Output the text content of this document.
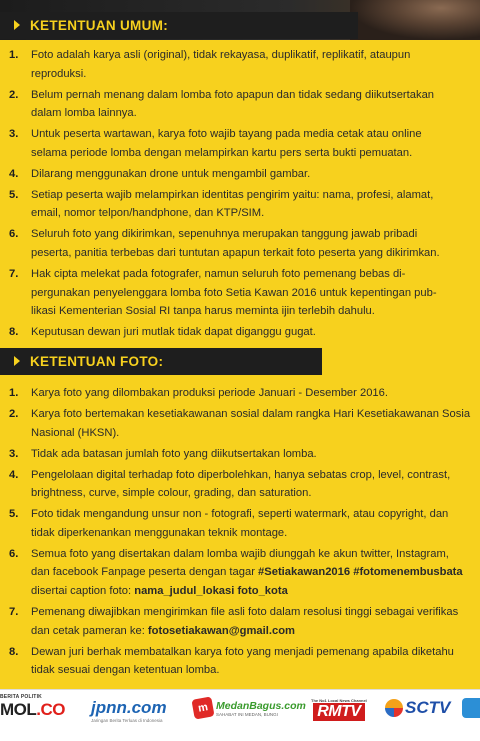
KETENTUAN UMUM:
1. Foto adalah karya asli (original), tidak rekayasa, duplikatif, replikatif, ataupun
reproduksi.
2. Belum pernah menang dalam lomba foto apapun dan tidak sedang diikutsertakan
dalam lomba lainnya.
3. Untuk peserta wartawan, karya foto wajib tayang pada media cetak atau online
selama periode lomba dengan melampirkan kartu pers serta bukti pemuatan.
4. Dilarang menggunakan drone untuk mengambil gambar.
5. Setiap peserta wajib melampirkan identitas pengirim yaitu: nama, profesi, alamat,
email, nomor telpon/handphone, dan KTP/SIM.
6. Seluruh foto yang dikirimkan, sepenuhnya merupakan tanggung jawab pribadi
peserta, panitia terbebas dari tuntutan apapun terkait foto peserta yang dikirimkan.
7. Hak cipta melekat pada fotografer, namun seluruh foto pemenang bebas di-
pergunakan penyelenggara lomba foto Setia Kawan 2016 untuk kepentingan pub-
likasi Kementerian Sosial RI tanpa harus meminta ijin terlebih dahulu.
8. Keputusan dewan juri mutlak tidak dapat diganggu gugat.
KETENTUAN FOTO:
1. Karya foto yang dilombakan produksi periode Januari - Desember 2016.
2. Karya foto bertemakan kesetiakawanan sosial dalam rangka Hari Kesetiakawanan Sosia
Nasional (HKSN).
3. Tidak ada batasan jumlah foto yang diikutsertakan lomba.
4. Pengelolaan digital terhadap foto diperbolehkan, hanya sebatas crop, level, contrast,
brightness, curve, simple colour, grading, dan saturation.
5. Foto tidak mengandung unsur non - fotografi, seperti watermark, atau copyright, dan
tidak diperkenankan menggunakan teknik montage.
6. Semua foto yang disertakan dalam lomba wajib diunggah ke akun twitter, Instagram,
dan facebook Fanpage peserta dengan tagar #Setiakawan2016 #fotomenembusbata
disertai caption foto: nama_judul_lokasi foto_kota
7. Pemenang diwajibkan mengirimkan file asli foto dalam resolusi tinggi sebagai verifikas
dan cetak pameran ke: fotosetiakawan@gmail.com
8. Dewan juri berhak membatalkan karya foto yang menjadi pemenang apabila diketahu
tidak sesuai dengan ketentuan lomba.
BERITA POLITIK
MOL.CO jpnn.com
Jaringan Berita Terluas di Indonesia
m MedanBagus.com
SAHABAT INI MEDAN, BUNGI
The No1 Local News Channel
RMTV	SCTV
